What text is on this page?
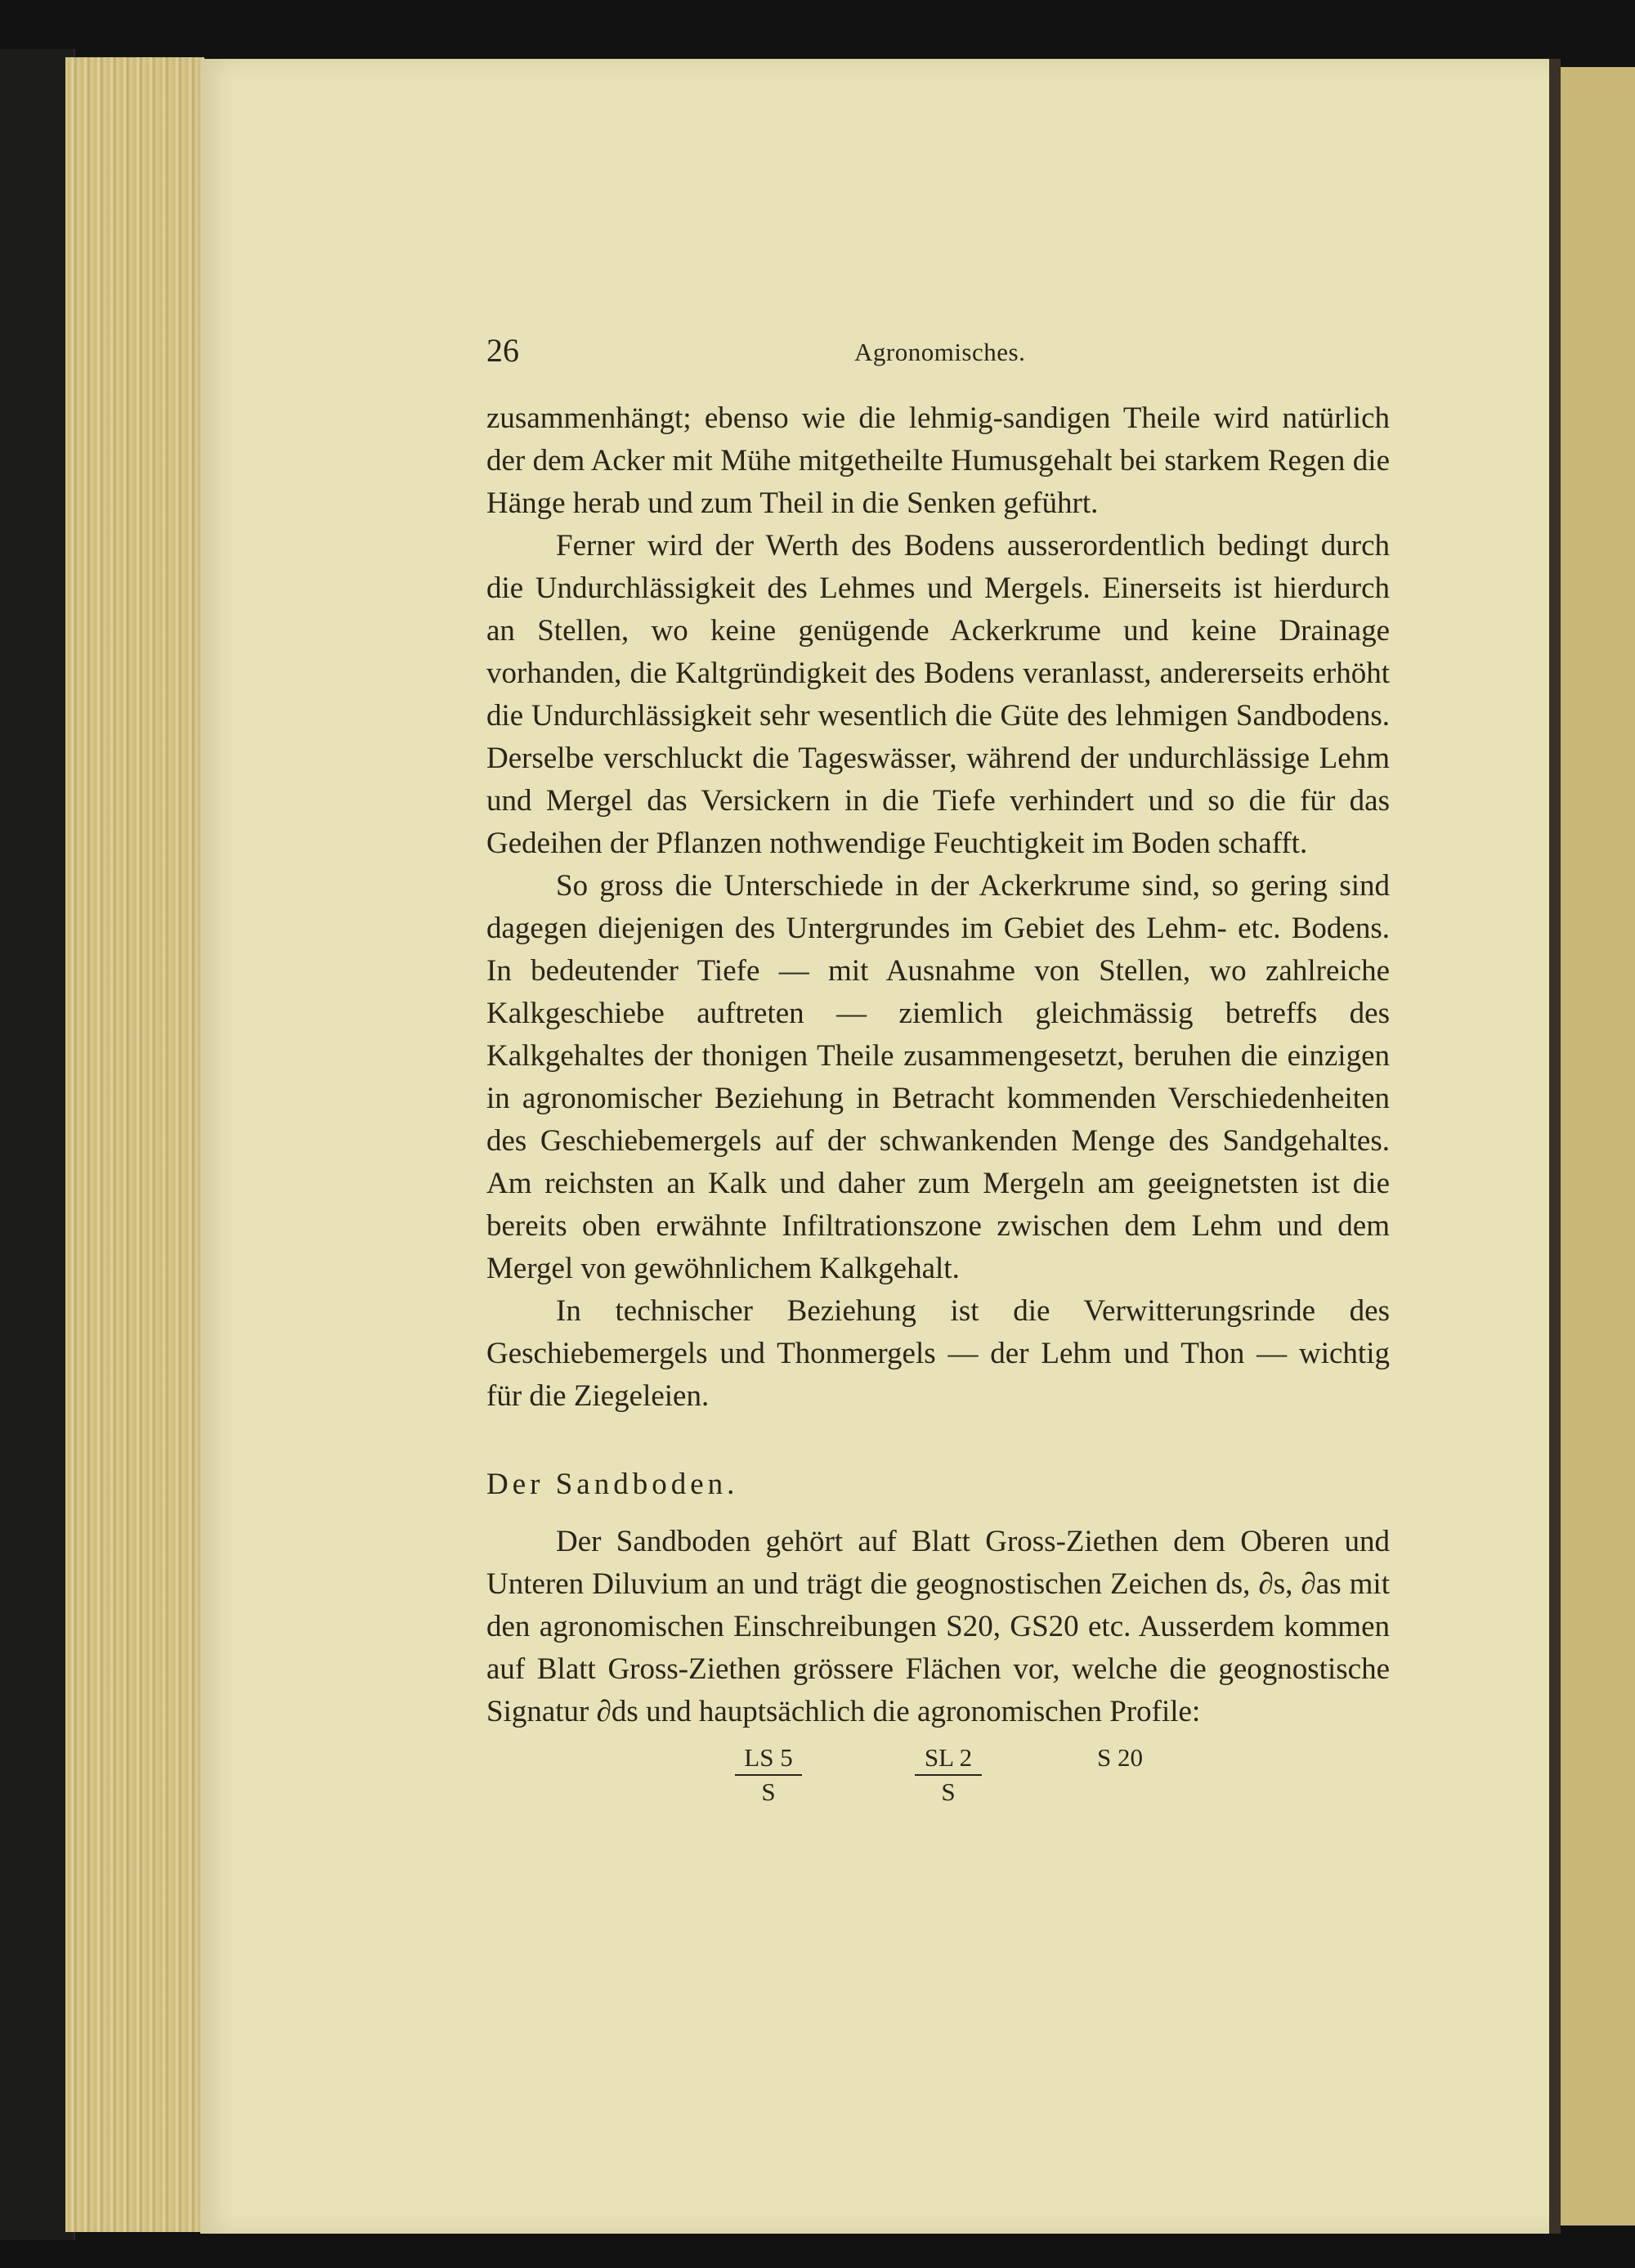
26	Agronomisches.

zusammenhängt; ebenso wie die lehmig-sandigen Theile wird natürlich der dem Acker mit Mühe mitgetheilte Humusgehalt bei starkem Regen die Hänge herab und zum Theil in die Senken geführt.

Ferner wird der Werth des Bodens ausserordentlich bedingt durch die Undurchlässigkeit des Lehmes und Mergels. Einerseits ist hierdurch an Stellen, wo keine genügende Ackerkrume und keine Drainage vorhanden, die Kaltgründigkeit des Bodens veranlasst, andererseits erhöht die Undurchlässigkeit sehr wesentlich die Güte des lehmigen Sandbodens. Derselbe verschluckt die Tageswässer, während der undurchlässige Lehm und Mergel das Versickern in die Tiefe verhindert und so die für das Gedeihen der Pflanzen nothwendige Feuchtigkeit im Boden schafft.

So gross die Unterschiede in der Ackerkrume sind, so gering sind dagegen diejenigen des Untergrundes im Gebiet des Lehm- etc. Bodens. In bedeutender Tiefe — mit Ausnahme von Stellen, wo zahlreiche Kalkgeschiebe auftreten — ziemlich gleichmässig betreffs des Kalkgehaltes der thonigen Theile zusammengesetzt, beruhen die einzigen in agronomischer Beziehung in Betracht kommenden Verschiedenheiten des Geschiebemergels auf der schwankenden Menge des Sandgehaltes. Am reichsten an Kalk und daher zum Mergeln am geeignetsten ist die bereits oben erwähnte Infiltrationszone zwischen dem Lehm und dem Mergel von gewöhnlichem Kalkgehalt.

In technischer Beziehung ist die Verwitterungsrinde des Geschiebemergels und Thonmergels — der Lehm und Thon — wichtig für die Ziegeleien.

Der Sandboden.

Der Sandboden gehört auf Blatt Gross-Ziethen dem Oberen und Unteren Diluvium an und trägt die geognostischen Zeichen ds, ∂s, ∂as mit den agronomischen Einschreibungen S20, GS20 etc. Ausserdem kommen auf Blatt Gross-Ziethen grössere Flächen vor, welche die geognostische Signatur ∂ds und hauptsächlich die agronomischen Profile:

LS 5
S
SL 2
S
S 20
